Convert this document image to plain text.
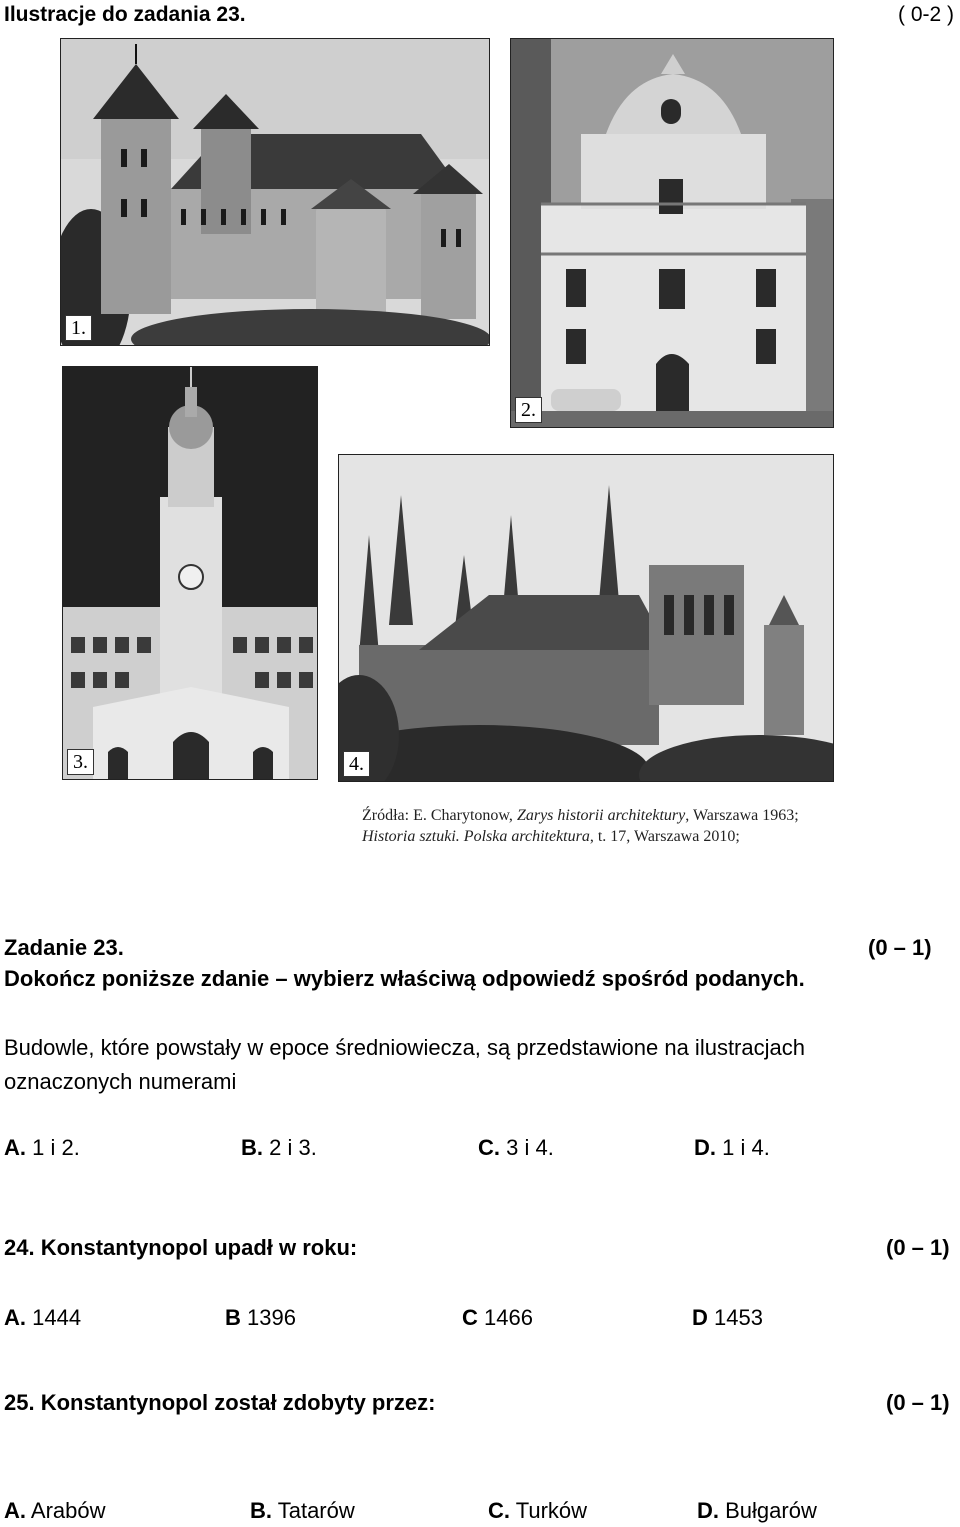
Ilustracje do zadania 23.	( 0-2 )
1.
2.
3.	4.
Źródła: E. Charytonow, Zarys historii architektury, Warszawa 1963;
Historia sztuki. Polska architektura, t. 17, Warszawa 2010;
Zadanie 23.	(0 – 1)
Dokończ poniższe zdanie – wybierz właściwą odpowiedź spośród podanych.
Budowle, które powstały w epoce średniowiecza, są przedstawione na ilustracjach
oznaczonych numerami
A. 1 i 2.	B. 2 i 3.	C. 3 i 4.	D. 1 i 4.
24. Konstantynopol upadł w roku:	(0 – 1)
A. 1444	B 1396	C 1466	D 1453
25. Konstantynopol został zdobyty przez:	(0 – 1)
A. Arabów	B. Tatarów	C. Turków	D. Bułgarów
